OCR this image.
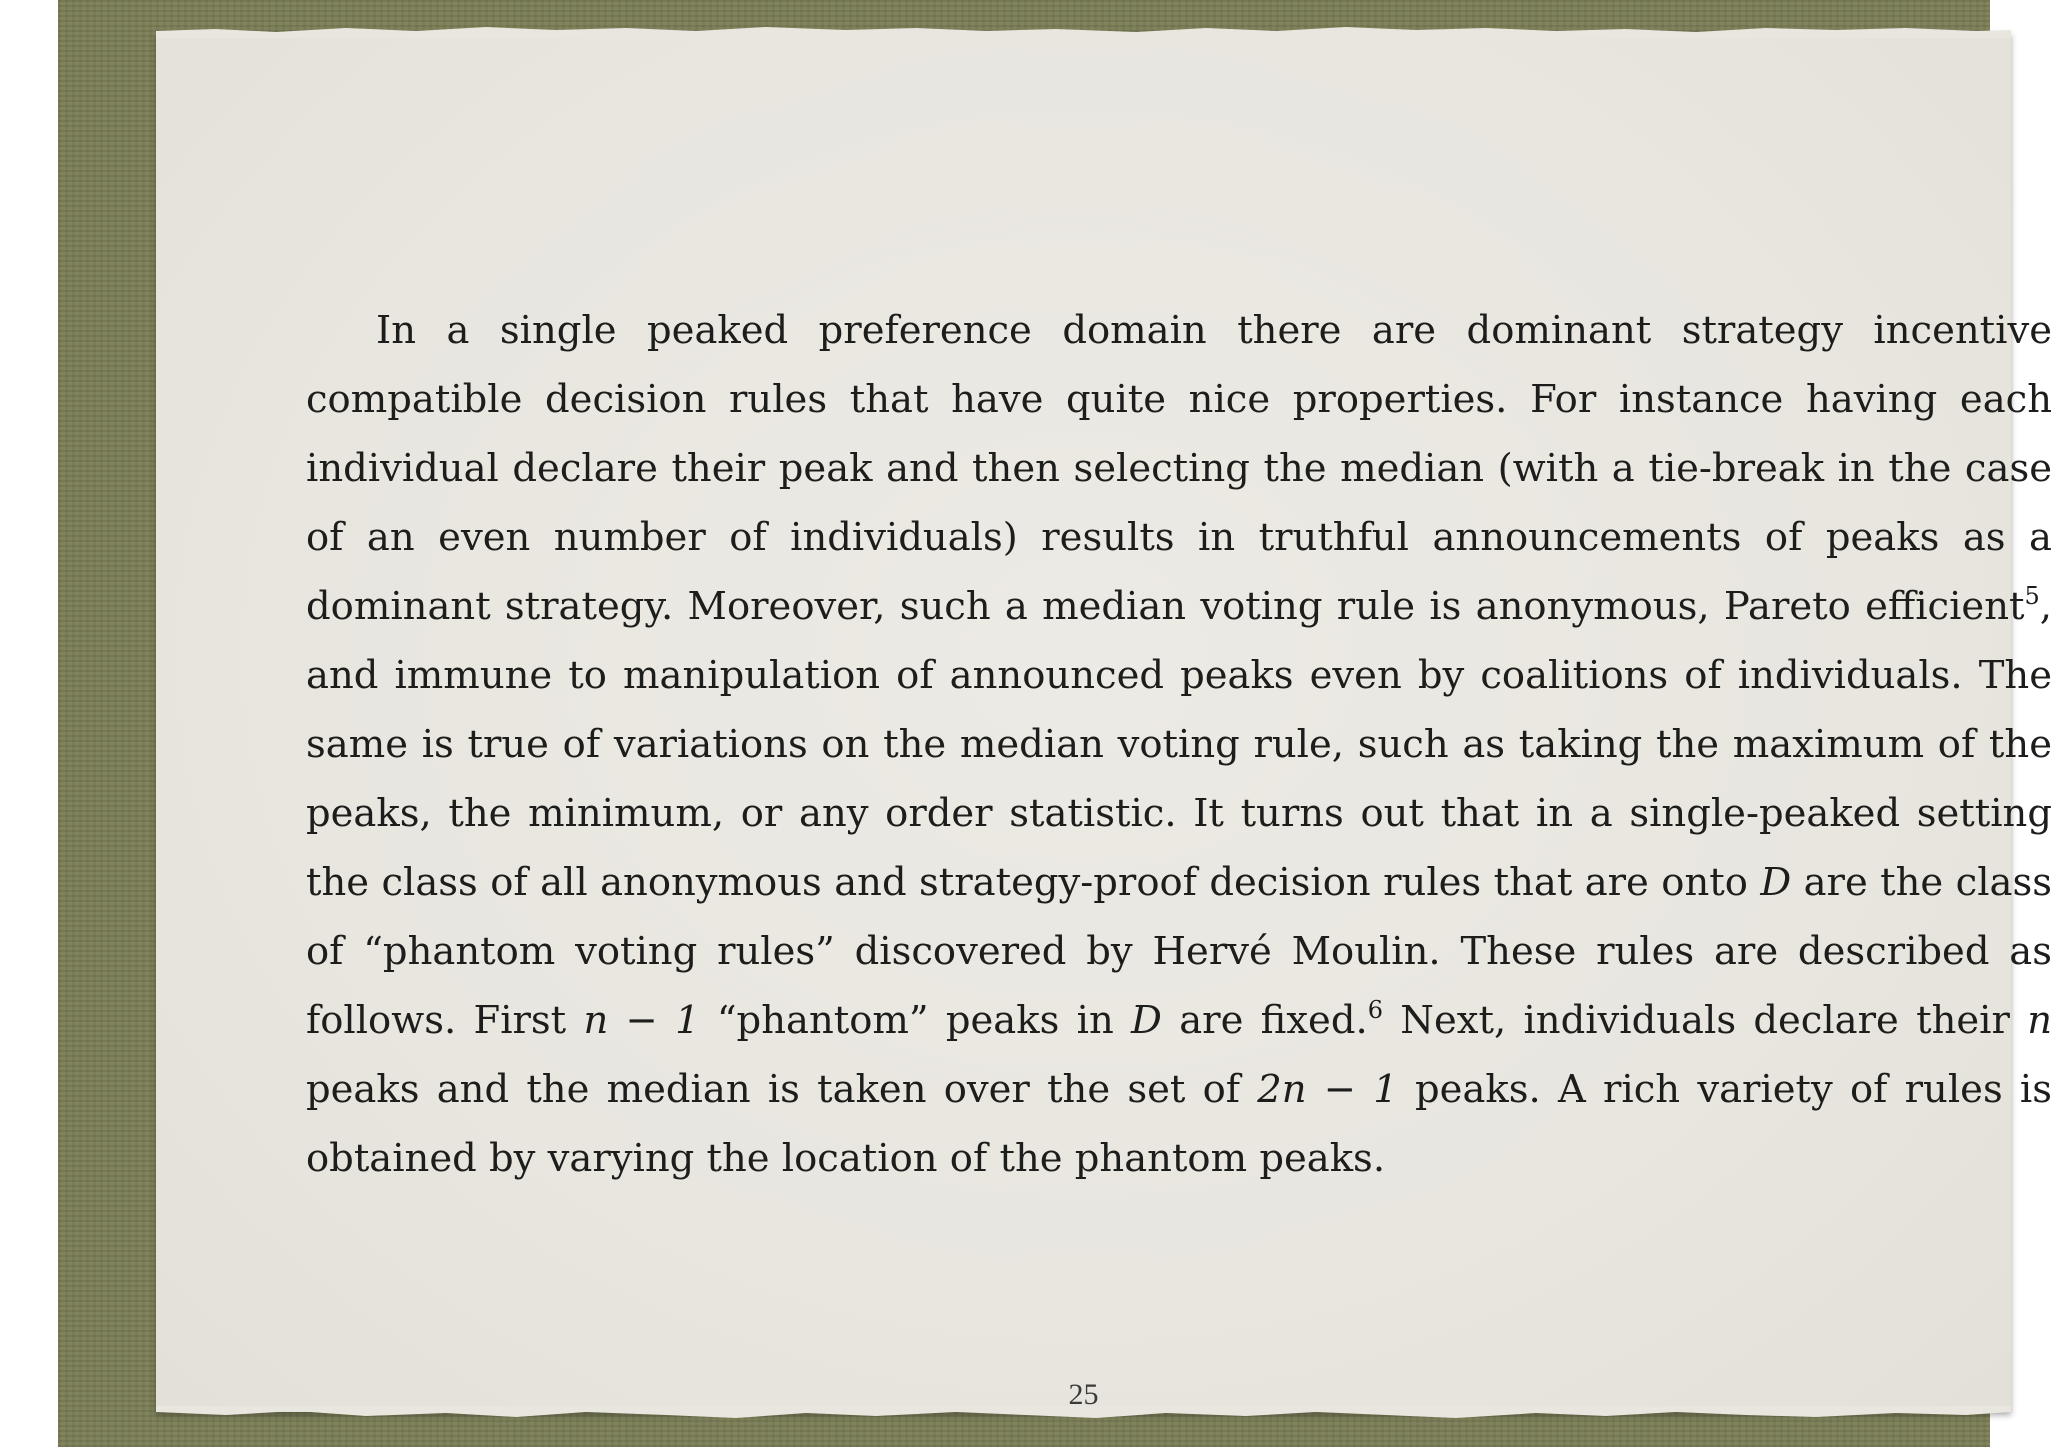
In a single peaked preference domain there are dominant strategy incentive compatible decision rules that have quite nice properties. For instance having each individual declare their peak and then selecting the median (with a tie-break in the case of an even number of individuals) results in truthful announcements of peaks as a dominant strategy. Moreover, such a median voting rule is anonymous, Pareto efficient$^5$, and immune to manipulation of announced peaks even by coalitions of individuals. The same is true of variations on the median voting rule, such as taking the maximum of the peaks, the minimum, or any order statistic. It turns out that in a single-peaked setting the class of all anonymous and strategy-proof decision rules that are onto D are the class of “phantom voting rules” discovered by Hervé Moulin. These rules are described as follows. First n − 1 “phantom” peaks in D are fixed.$^6$ Next, individuals declare their n peaks and the median is taken over the set of 2n − 1 peaks. A rich variety of rules is obtained by varying the location of the phantom peaks.

25
